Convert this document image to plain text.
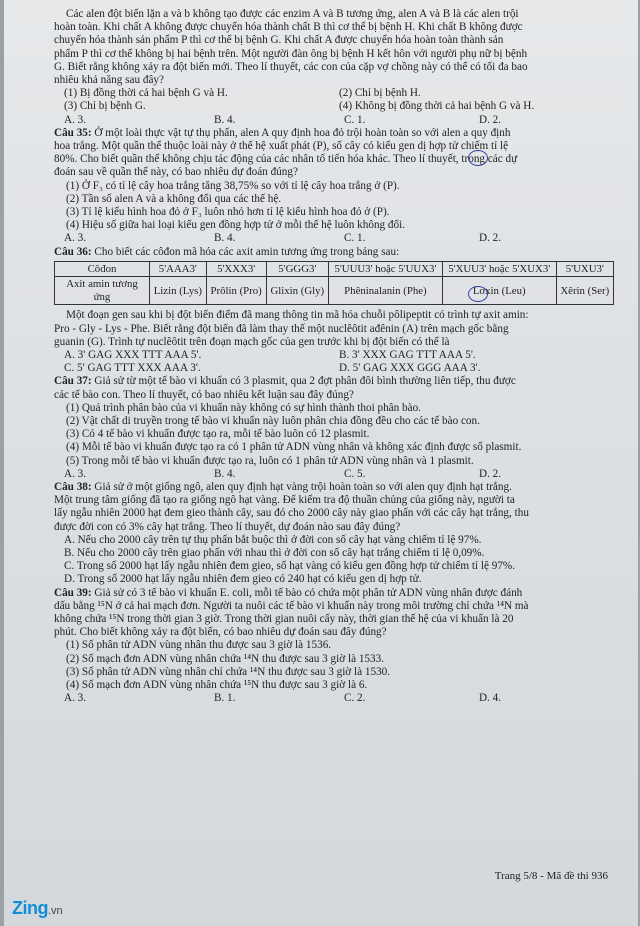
Các alen đột biến lặn a và b không tạo được các enzim A và B tương ứng, alen A và B là các alen trội

hoàn toàn. Khi chất A không được chuyển hóa thành chất B thì cơ thể bị bệnh H. Khi chất B không được

chuyển hóa thành sản phẩm P thì cơ thể bị bệnh G. Khi chất A được chuyển hóa hoàn toàn thành sản

phẩm P thì cơ thể không bị hai bệnh trên. Một người đàn ông bị bệnh H kết hôn với người phụ nữ bị bệnh

G. Biết rằng không xảy ra đột biến mới. Theo lí thuyết, các con của cặp vợ chồng này có thể có tối đa bao

nhiêu khả năng sau đây?

(1) Bị đồng thời cả hai bệnh G và H.	(2) Chỉ bị bệnh H.
(3) Chỉ bị bệnh G.	(4) Không bị đồng thời cả hai bệnh G và H.
A. 3.	B. 4.	C. 1.	D. 2.

Câu 35: Ở một loài thực vật tự thụ phấn, alen A quy định hoa đỏ trội hoàn toàn so với alen a quy định

hoa trắng. Một quần thể thuộc loài này ở thế hệ xuất phát (P), số cây có kiểu gen dị hợp tử chiếm tỉ lệ

80%. Cho biết quần thể không chịu tác động của các nhân tố tiến hóa khác. Theo lí thuyết, trong các dự

đoán sau về quần thể này, có bao nhiêu dự đoán đúng?

(1) Ở F₃ có tỉ lệ cây hoa trắng tăng 38,75% so với tỉ lệ cây hoa trắng ở (P).

(2) Tần số alen A và a không đổi qua các thế hệ.

(3) Tỉ lệ kiểu hình hoa đỏ ở F₃ luôn nhỏ hơn tỉ lệ kiểu hình hoa đỏ ở (P).

(4) Hiệu số giữa hai loại kiểu gen đồng hợp tử ở mỗi thế hệ luôn không đổi.

A. 3.	B. 4.	C. 1.	D. 2.

Câu 36: Cho biết các côđon mã hóa các axit amin tương ứng trong bảng sau:

Côđon	5'AAA3'	5'XXX3'	5'GGG3'	5'UUU3' hoặc 5'UUX3'	5'XUU3' hoặc 5'XUX3'	5'UXU3'
Axit amin tương ứng	Lizin (Lys)	Prôlin (Pro)	Glixin (Gly)	Phêninalanin (Phe)	Lơxin (Leu)	Xêrin (Ser)

Một đoạn gen sau khi bị đột biến điểm đã mang thông tin mã hóa chuỗi pôlipeptit có trình tự axit amin:

Pro - Gly - Lys - Phe. Biết rằng đột biến đã làm thay thế một nuclêôtit ađênin (A) trên mạch gốc bằng

guanin (G). Trình tự nuclêôtit trên đoạn mạch gốc của gen trước khi bị đột biến có thể là

A. 3' GAG XXX TTT AAA 5'.	B. 3' XXX GAG TTT AAA 5'.
C. 5' GAG TTT XXX AAA 3'.	D. 5' GAG XXX GGG AAA 3'.

Câu 37: Giả sử từ một tế bào vi khuẩn có 3 plasmit, qua 2 đợt phân đôi bình thường liên tiếp, thu được

các tế bào con. Theo lí thuyết, có bao nhiêu kết luận sau đây đúng?

(1) Quá trình phân bào của vi khuẩn này không có sự hình thành thoi phân bào.

(2) Vật chất di truyền trong tế bào vi khuẩn này luôn phân chia đồng đều cho các tế bào con.

(3) Có 4 tế bào vi khuẩn được tạo ra, mỗi tế bào luôn có 12 plasmit.

(4) Mỗi tế bào vi khuẩn được tạo ra có 1 phân tử ADN vùng nhân và không xác định được số plasmit.

(5) Trong mỗi tế bào vi khuẩn được tạo ra, luôn có 1 phân tử ADN vùng nhân và 1 plasmit.

A. 3.	B. 4.	C. 5.	D. 2.

Câu 38: Giả sử ở một giống ngô, alen quy định hạt vàng trội hoàn toàn so với alen quy định hạt trắng.

Một trung tâm giống đã tạo ra giống ngô hạt vàng. Để kiểm tra độ thuần chủng của giống này, người ta

lấy ngẫu nhiên 2000 hạt đem gieo thành cây, sau đó cho 2000 cây này giao phấn với các cây hạt trắng, thu

được đời con có 3% cây hạt trắng. Theo lí thuyết, dự đoán nào sau đây đúng?

A. Nếu cho 2000 cây trên tự thụ phấn bắt buộc thì ở đời con số cây hạt vàng chiếm tỉ lệ 97%.

B. Nếu cho 2000 cây trên giao phấn với nhau thì ở đời con số cây hạt trắng chiếm tỉ lệ 0,09%.

C. Trong số 2000 hạt lấy ngẫu nhiên đem gieo, số hạt vàng có kiểu gen đồng hợp tử chiếm tỉ lệ 97%.

D. Trong số 2000 hạt lấy ngẫu nhiên đem gieo có 240 hạt có kiểu gen dị hợp tử.

Câu 39: Giả sử có 3 tế bào vi khuẩn E. coli, mỗi tế bào có chứa một phân tử ADN vùng nhân được đánh

dấu bằng ¹⁵N ở cả hai mạch đơn. Người ta nuôi các tế bào vi khuẩn này trong môi trường chỉ chứa ¹⁴N mà

không chứa ¹⁵N trong thời gian 3 giờ. Trong thời gian nuôi cấy này, thời gian thế hệ của vi khuẩn là 20

phút. Cho biết không xảy ra đột biến, có bao nhiêu dự đoán sau đây đúng?

(1) Số phân tử ADN vùng nhân thu được sau 3 giờ là 1536.

(2) Số mạch đơn ADN vùng nhân chứa ¹⁴N thu được sau 3 giờ là 1533.

(3) Số phân tử ADN vùng nhân chỉ chứa ¹⁴N thu được sau 3 giờ là 1530.

(4) Số mạch đơn ADN vùng nhân chứa ¹⁵N thu được sau 3 giờ là 6.

A. 3.	B. 1.	C. 2.	D. 4.
Trang 5/8 - Mã đề thi 936
Zing.vn
